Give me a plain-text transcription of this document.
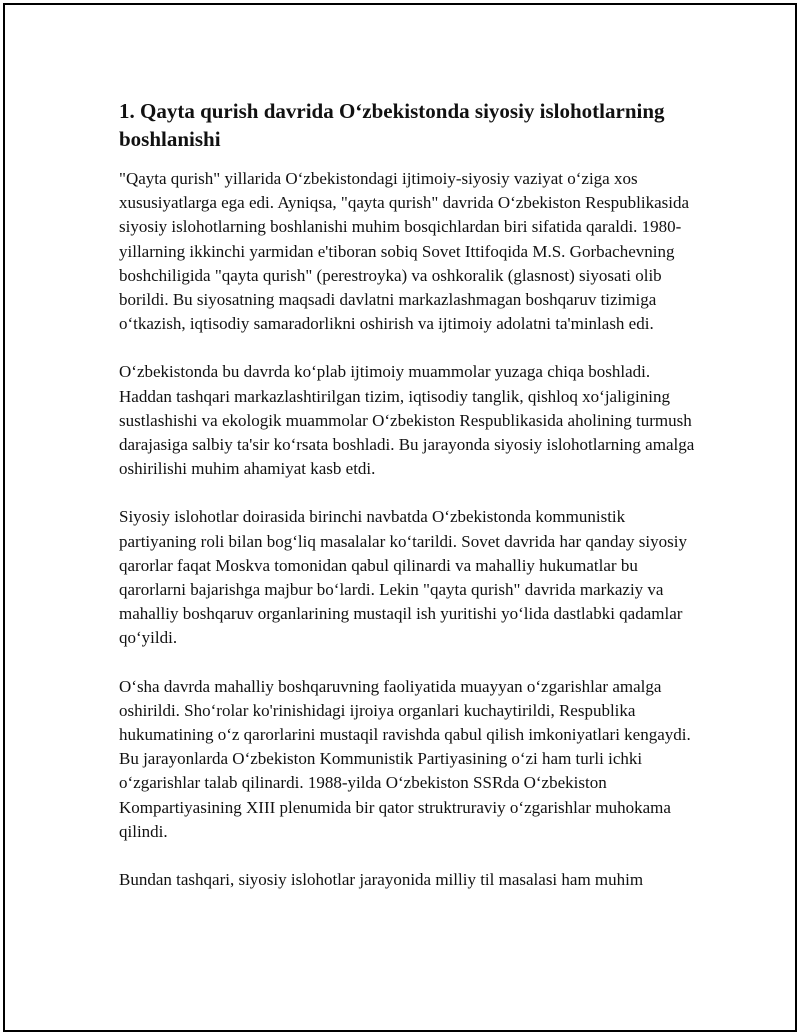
1. Qayta qurish davrida O‘zbekistonda siyosiy islohotlarning boshlanishi

"Qayta qurish" yillarida O‘zbekistondagi ijtimoiy-siyosiy vaziyat o‘ziga xos xususiyatlarga ega edi. Ayniqsa, "qayta qurish" davrida O‘zbekiston Respublikasida siyosiy islohotlarning boshlanishi muhim bosqichlardan biri sifatida qaraldi. 1980-yillarning ikkinchi yarmidan e'tiboran sobiq Sovet Ittifoqida M.S. Gorbachevning boshchiligida "qayta qurish" (perestroyka) va oshkoralik (glasnost) siyosati olib borildi. Bu siyosatning maqsadi davlatni markazlashmagan boshqaruv tizimiga o‘tkazish, iqtisodiy samaradorlikni oshirish va ijtimoiy adolatni ta'minlash edi.

O‘zbekistonda bu davrda ko‘plab ijtimoiy muammolar yuzaga chiqa boshladi. Haddan tashqari markazlashtirilgan tizim, iqtisodiy tanglik, qishloq xo‘jaligining sustlashishi va ekologik muammolar O‘zbekiston Respublikasida aholining turmush darajasiga salbiy ta'sir ko‘rsata boshladi. Bu jarayonda siyosiy islohotlarning amalga oshirilishi muhim ahamiyat kasb etdi.

Siyosiy islohotlar doirasida birinchi navbatda O‘zbekistonda kommunistik partiyaning roli bilan bog‘liq masalalar ko‘tarildi. Sovet davrida har qanday siyosiy qarorlar faqat Moskva tomonidan qabul qilinardi va mahalliy hukumatlar bu qarorlarni bajarishga majbur bo‘lardi. Lekin "qayta qurish" davrida markaziy va mahalliy boshqaruv organlarining mustaqil ish yuritishi yo‘lida dastlabki qadamlar qo‘yildi.

O‘sha davrda mahalliy boshqaruvning faoliyatida muayyan o‘zgarishlar amalga oshirildi. Sho‘rolar ko'rinishidagi ijroiya organlari kuchaytirildi, Respublika hukumatining o‘z qarorlarini mustaqil ravishda qabul qilish imkoniyatlari kengaydi. Bu jarayonlarda O‘zbekiston Kommunistik Partiyasining o‘zi ham turli ichki o‘zgarishlar talab qilinardi. 1988-yilda O‘zbekiston SSRda O‘zbekiston Kompartiyasining XIII plenumida bir qator struktruraviy o‘zgarishlar muhokama qilindi.

Bundan tashqari, siyosiy islohotlar jarayonida milliy til masalasi ham muhim
